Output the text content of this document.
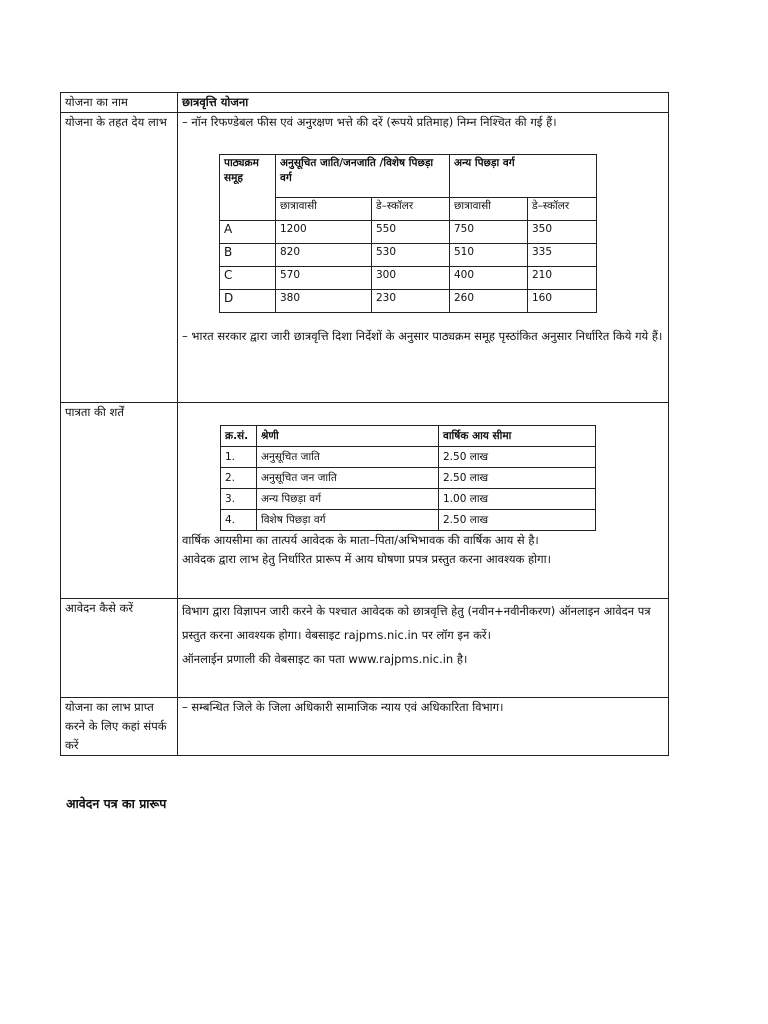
योजना का नाम	छात्रवृत्ति योजना
योजना के तहत देय लाभ	– नॉन रिफण्डेबल फीस एवं अनुरक्षण भत्ते की दरें (रूपये प्रतिमाह) निम्न निश्चित की गई हैं।

पाठ्यक्रम समूह	अनुसूचित जाति/जनजाति /विशेष पिछड़ा वर्ग	अन्य पिछड़ा वर्ग
छात्रावासी	डे–स्कॉलर	छात्रावासी	डे–स्कॉलर
A	1200	550	750	350
B	820	530	510	335
C	570	300	400	210
D	380	230	260	160

– भारत सरकार द्वारा जारी छात्रवृत्ति दिशा निर्देशों के अनुसार पाठ्यक्रम समूह पृस्ठांकित अनुसार निर्धारित किये गये हैं।

पात्रता की शर्तें	
क्र.सं.	श्रेणी	वार्षिक आय सीमा
1.	अनुसूचित जाति	2.50 लाख
2.	अनुसूचित जन जाति	2.50 लाख
3.	अन्य पिछड़ा वर्ग	1.00 लाख
4.	विशेष पिछड़ा वर्ग	2.50 लाख

वार्षिक आयसीमा का तात्पर्य आवेदक के माता–पिता/अभिभावक की वार्षिक आय से है।

आवेदक द्वारा लाभ हेतु निर्धारित प्रारूप में आय घोषणा प्रपत्र प्रस्तुत करना आवश्यक होगा।

आवेदन कैसे करें	विभाग द्वारा विज्ञापन जारी करने के पश्चात आवेदक को छात्रवृत्ति हेतु (नवीन+नवीनीकरण) ऑनलाइन आवेदन पत्र प्रस्तुत करना आवश्यक होगा। वेबसाइट rajpms.nic.in पर लॉग इन करें।

ऑनलाईन प्रणाली की वेबसाइट का पता www.rajpms.nic.in है।

योजना का लाभ प्राप्त करने के लिए कहां संपर्क करें	– सम्बन्धित जिले के जिला अधिकारी सामाजिक न्याय एवं अधिकारिता विभाग।
आवेदन पत्र का प्रारूप
